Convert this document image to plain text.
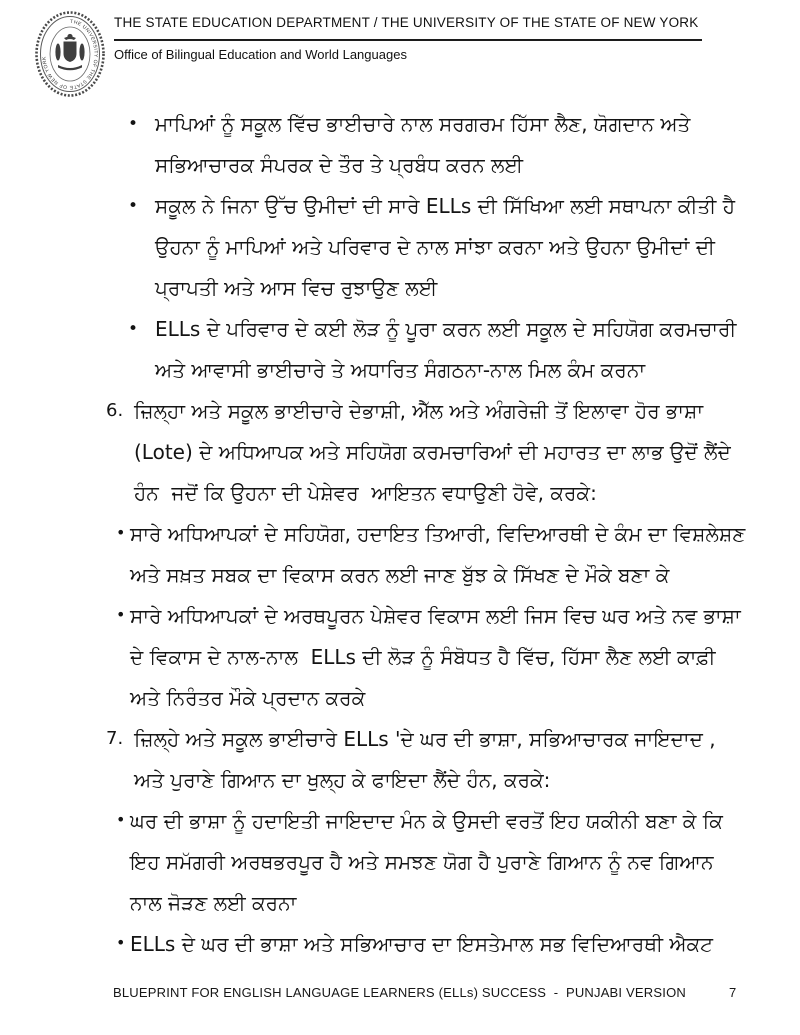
THE UNIVERSITY OF THE STATE OF NEW YORK
THE STATE EDUCATION DEPARTMENT / THE UNIVERSITY OF THE STATE OF NEW YORK
Office of Bilingual Education and World Languages
• ਮਾਪਿਆਂ ਨੂੰ ਸਕੂਲ ਵਿੱਚ ਭਾਈਚਾਰੇ ਨਾਲ ਸਰਗਰਮ ਹਿੱਸਾ ਲੈਣ, ਯੋਗਦਾਨ ਅਤੇ ਸਭਿਆਚਾਰਕ ਸੰਪਰਕ ਦੇ ਤੌਰ ਤੇ ਪ੍ਰਬੰਧ ਕਰਨ ਲਈ
• ਸਕੂਲ ਨੇ ਜਿਨਾ ਉੱਚ ਉਮੀਦਾਂ ਦੀ ਸਾਰੇ ELLs ਦੀ ਸਿੱਖਿਆ ਲਈ ਸਥਾਪਨਾ ਕੀਤੀ ਹੈ ਉਹਨਾ ਨੂੰ ਮਾਪਿਆਂ ਅਤੇ ਪਰਿਵਾਰ ਦੇ ਨਾਲ ਸਾਂਝਾ ਕਰਨਾ ਅਤੇ ਉਹਨਾ ਉਮੀਦਾਂ ਦੀ ਪ੍ਰਾਪਤੀ ਅਤੇ ਆਸ ਵਿਚ ਰੁਝਾਉਣ ਲਈ
• ELLs ਦੇ ਪਰਿਵਾਰ ਦੇ ਕਈ ਲੋੜ ਨੂੰ ਪੂਰਾ ਕਰਨ ਲਈ ਸਕੂਲ ਦੇ ਸਹਿਯੋਗ ਕਰਮਚਾਰੀ ਅਤੇ ਆਵਾਸੀ ਭਾਈਚਾਰੇ ਤੇ ਅਧਾਰਿਤ ਸੰਗਠਨਾ-ਨਾਲ ਮਿਲ ਕੰਮ ਕਰਨਾ
6. ਜ਼ਿਲ੍ਹਾ ਅਤੇ ਸਕੂਲ ਭਾਈਚਾਰੇ ਦੇਭਾਸ਼ੀ, ਐੱਲ ਅਤੇ ਅੰਗਰੇਜ਼ੀ ਤੋਂ ਇਲਾਵਾ ਹੋਰ ਭਾਸ਼ਾ (Lote) ਦੇ ਅਧਿਆਪਕ ਅਤੇ ਸਹਿਯੋਗ ਕਰਮਚਾਰਿਆਂ ਦੀ ਮਹਾਰਤ ਦਾ ਲਾਭ ਉਦੋਂ ਲੈਂਦੇ ਹੰਨ  ਜਦੋਂ ਕਿ ਉਹਨਾ ਦੀ ਪੇਸ਼ੇਵਰ  ਆਇਤਨ ਵਧਾਉਣੀ ਹੋਵੇ, ਕਰਕੇ:
• ਸਾਰੇ ਅਧਿਆਪਕਾਂ ਦੇ ਸਹਿਯੋਗ, ਹਦਾਇਤ ਤਿਆਰੀ, ਵਿਦਿਆਰਥੀ ਦੇ ਕੰਮ ਦਾ ਵਿਸ਼ਲੇਸ਼ਣ ਅਤੇ ਸਖ਼ਤ ਸਬਕ ਦਾ ਵਿਕਾਸ ਕਰਨ ਲਈ ਜਾਣ ਬੁੱਝ ਕੇ ਸਿੱਖਣ ਦੇ ਮੌਕੇ ਬਣਾ ਕੇ
• ਸਾਰੇ ਅਧਿਆਪਕਾਂ ਦੇ ਅਰਥਪੂਰਨ ਪੇਸ਼ੇਵਰ ਵਿਕਾਸ ਲਈ ਜਿਸ ਵਿਚ ਘਰ ਅਤੇ ਨਵ ਭਾਸ਼ਾ ਦੇ ਵਿਕਾਸ ਦੇ ਨਾਲ-ਨਾਲ  ELLs ਦੀ ਲੋੜ ਨੂੰ ਸੰਬੋਧਤ ਹੈ ਵਿੱਚ, ਹਿੱਸਾ ਲੈਣ ਲਈ ਕਾਫ਼ੀ ਅਤੇ ਨਿਰੰਤਰ ਮੌਕੇ ਪ੍ਰਦਾਨ ਕਰਕੇ
7. ਜ਼ਿਲ੍ਹੇ ਅਤੇ ਸਕੂਲ ਭਾਈਚਾਰੇ ELLs 'ਦੇ ਘਰ ਦੀ ਭਾਸ਼ਾ, ਸਭਿਆਚਾਰਕ ਜਾਇਦਾਦ , ਅਤੇ ਪੁਰਾਣੇ ਗਿਆਨ ਦਾ ਖੁਲ੍ਹ ਕੇ ਫਾਇਦਾ ਲੈਂਦੇ ਹੰਨ, ਕਰਕੇ:
• ਘਰ ਦੀ ਭਾਸ਼ਾ ਨੂੰ ਹਦਾਇਤੀ ਜਾਇਦਾਦ ਮੰਨ ਕੇ ਉਸਦੀ ਵਰਤੋਂ ਇਹ ਯਕੀਨੀ ਬਣਾ ਕੇ ਕਿ ਇਹ ਸਮੱਗਰੀ ਅਰਥਭਰਪੂਰ ਹੈ ਅਤੇ ਸਮਝਣ ਯੋਗ ਹੈ ਪੁਰਾਣੇ ਗਿਆਨ ਨੂੰ ਨਵ ਗਿਆਨ  ਨਾਲ ਜੋੜਣ ਲਈ ਕਰਨਾ
• ELLs ਦੇ ਘਰ ਦੀ ਭਾਸ਼ਾ ਅਤੇ ਸਭਿਆਚਾਰ ਦਾ ਇਸਤੇਮਾਲ ਸਭ ਵਿਦਿਆਰਥੀ ਐਕਟ
BLUEPRINT FOR ENGLISH LANGUAGE LEARNERS (ELLs) SUCCESS  -  PUNJABI VERSION	7
